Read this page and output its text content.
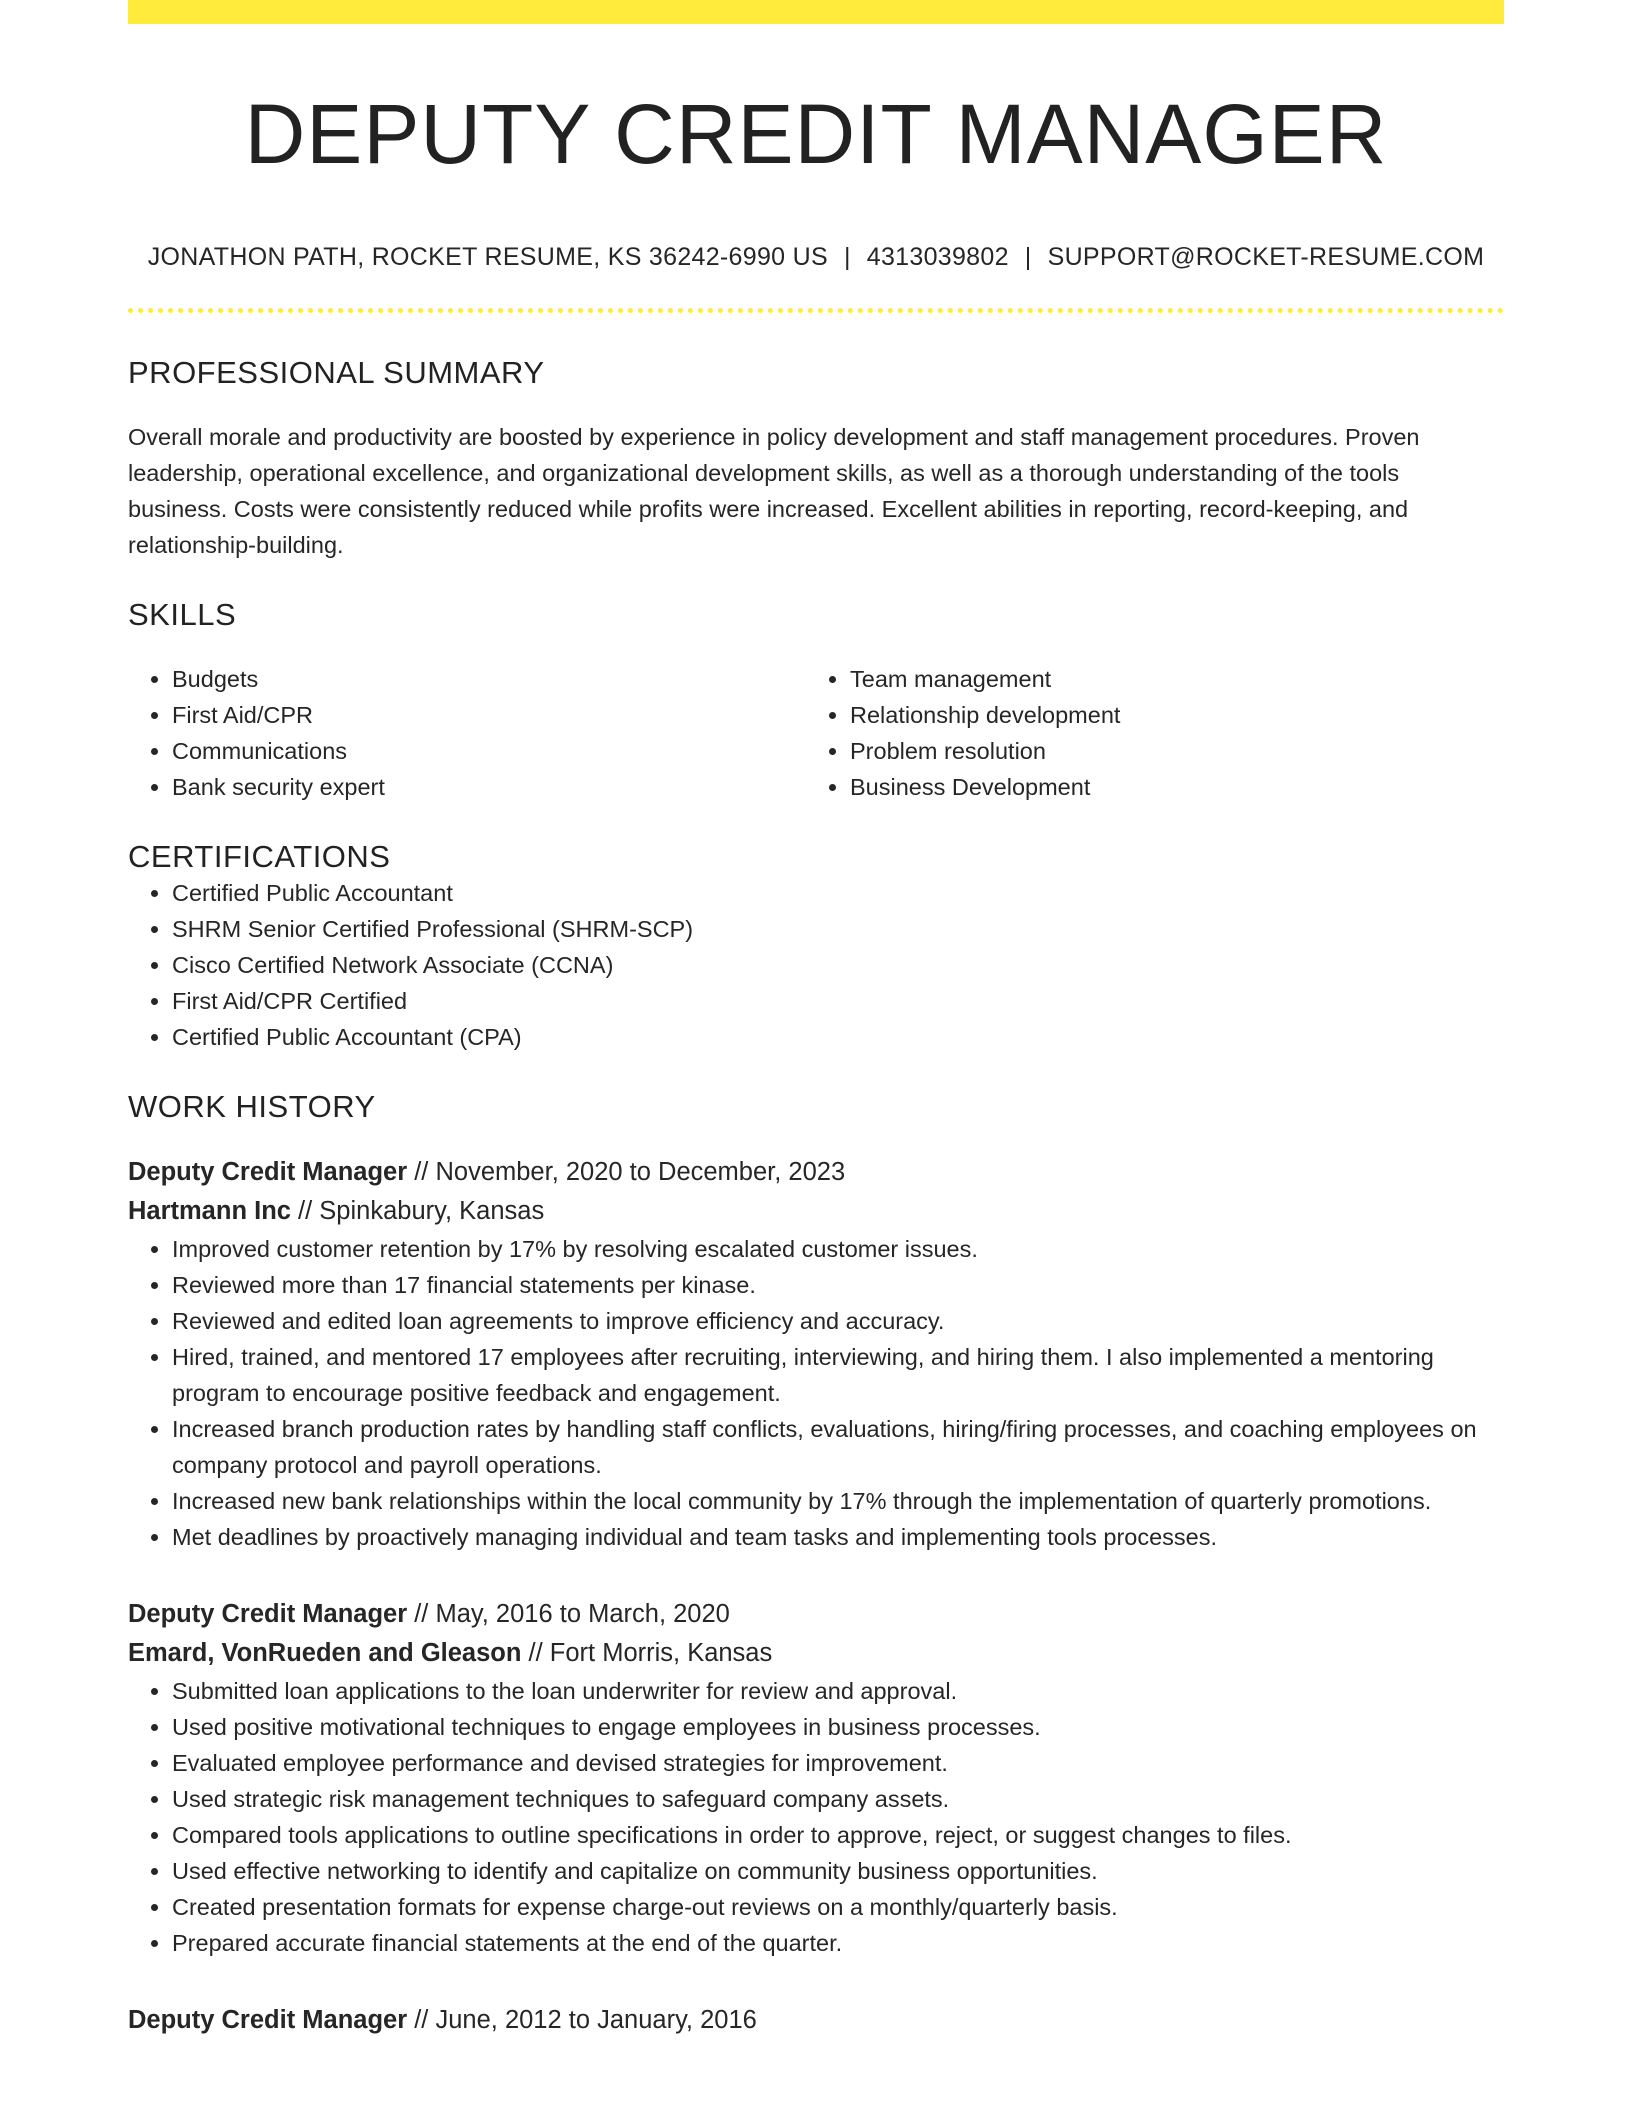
DEPUTY CREDIT MANAGER
JONATHON PATH, ROCKET RESUME, KS 36242-6990 US | 4313039802 | SUPPORT@ROCKET-RESUME.COM
PROFESSIONAL SUMMARY

Overall morale and productivity are boosted by experience in policy development and staff management procedures. Proven leadership, operational excellence, and organizational development skills, as well as a thorough understanding of the tools business. Costs were consistently reduced while profits were increased. Excellent abilities in reporting, record-keeping, and relationship-building.

SKILLS
• Budgets
• First Aid/CPR
• Communications
• Bank security expert
• Team management
• Relationship development
• Problem resolution
• Business Development
CERTIFICATIONS
• Certified Public Accountant
• SHRM Senior Certified Professional (SHRM-SCP)
• Cisco Certified Network Associate (CCNA)
• First Aid/CPR Certified
• Certified Public Accountant (CPA)
WORK HISTORY
Deputy Credit Manager // November, 2020 to December, 2023
Hartmann Inc // Spinkabury, Kansas
• Improved customer retention by 17% by resolving escalated customer issues.
• Reviewed more than 17 financial statements per kinase.
• Reviewed and edited loan agreements to improve efficiency and accuracy.
• Hired, trained, and mentored 17 employees after recruiting, interviewing, and hiring them. I also implemented a mentoring program to encourage positive feedback and engagement.
• Increased branch production rates by handling staff conflicts, evaluations, hiring/firing processes, and coaching employees on company protocol and payroll operations.
• Increased new bank relationships within the local community by 17% through the implementation of quarterly promotions.
• Met deadlines by proactively managing individual and team tasks and implementing tools processes.
Deputy Credit Manager // May, 2016 to March, 2020
Emard, VonRueden and Gleason // Fort Morris, Kansas
• Submitted loan applications to the loan underwriter for review and approval.
• Used positive motivational techniques to engage employees in business processes.
• Evaluated employee performance and devised strategies for improvement.
• Used strategic risk management techniques to safeguard company assets.
• Compared tools applications to outline specifications in order to approve, reject, or suggest changes to files.
• Used effective networking to identify and capitalize on community business opportunities.
• Created presentation formats for expense charge-out reviews on a monthly/quarterly basis.
• Prepared accurate financial statements at the end of the quarter.
Deputy Credit Manager // June, 2012 to January, 2016
